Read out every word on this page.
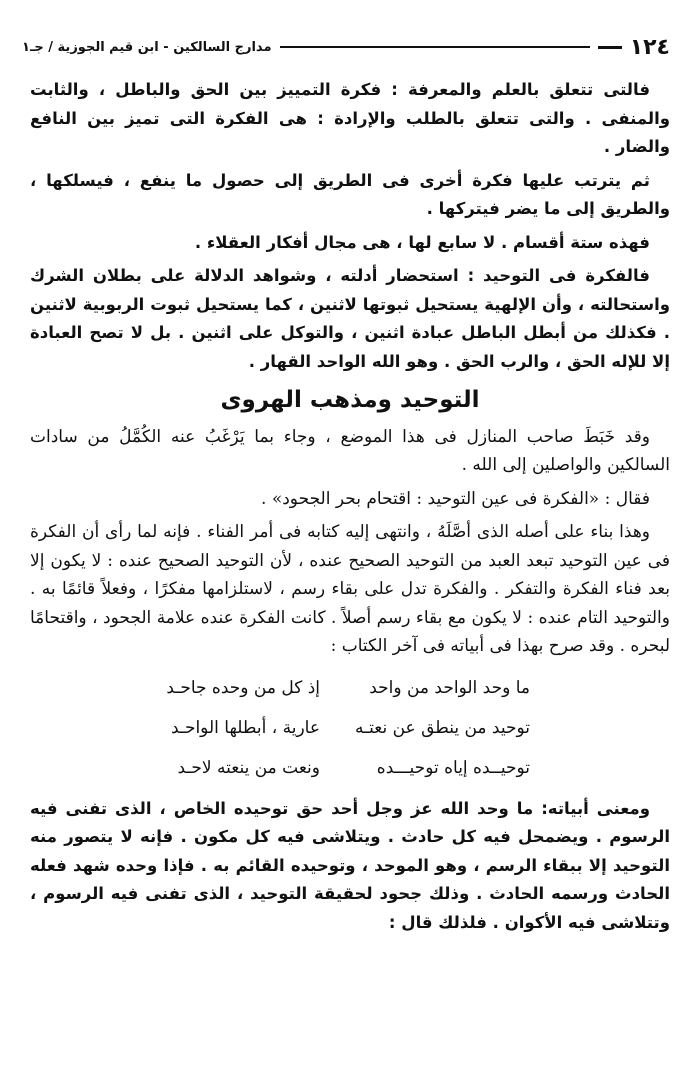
١٢٤
مدارج السالكين - ابن قيم الجوزية / جـ١

فالتى تتعلق بالعلم والمعرفة : فكرة التمييز بين الحق والباطل ، والثابت والمنفى . والتى تتعلق بالطلب والإرادة : هى الفكرة التى تميز بين النافع والضار .

ثم يترتب عليها فكرة أخرى فى الطريق إلى حصول ما ينفع ، فيسلكها ، والطريق إلى ما يضر فيتركها .

فهذه ستة أقسام . لا سابع لها ، هى مجال أفكار العقلاء .

فالفكرة فى التوحيد : استحضار أدلته ، وشواهد الدلالة على بطلان الشرك واستحالته ، وأن الإلهية يستحيل ثبوتها لاثنين ، كما يستحيل ثبوت الربوبية لاثنين . فكذلك من أبطل الباطل عبادة اثنين ، والتوكل على اثنين . بل لا تصح العبادة إلا للإله الحق ، والرب الحق . وهو الله الواحد القهار .

التوحيد ومذهب الهروى

وقد خَبَطَ صاحب المنازل فى هذا الموضع ، وجاء بما يَرْغَبُ عنه الكُمَّلُ من سادات السالكين والواصلين إلى الله .

فقال : «الفكرة فى عين التوحيد : اقتحام بحر الجحود» .

وهذا بناء على أصله الذى أصَّلَهُ ، وانتهى إليه كتابه فى أمر الفناء . فإنه لما رأى أن الفكرة فى عين التوحيد تبعد العبد من التوحيد الصحيح عنده ، لأن التوحيد الصحيح عنده : لا يكون إلا بعد فناء الفكرة والتفكر . والفكرة تدل على بقاء رسم ، لاستلزامها مفكرًا ، وفعلاً قائمًا به . والتوحيد التام عنده : لا يكون مع بقاء رسم أصلاً . كانت الفكرة عنده علامة الجحود ، واقتحامًا لبحره . وقد صرح بهذا فى أبياته فى آخر الكتاب :

ما وحد الواحد من واحد
إذ كل من وحده جاحـد
توحيد من ينطق عن نعتـه
عارية ، أبطلها الواحـد
توحيــده إياه توحيـــده
ونعت من ينعته لاحـد

ومعنى أبياته: ما وحد الله عز وجل أحد حق توحيده الخاص ، الذى تفنى فيه الرسوم . ويضمحل فيه كل حادث . ويتلاشى فيه كل مكون . فإنه لا يتصور منه التوحيد إلا ببقاء الرسم ، وهو الموحد ، وتوحيده القائم به . فإذا وحده شهد فعله الحادث ورسمه الحادث . وذلك جحود لحقيقة التوحيد ، الذى تفنى فيه الرسوم ، وتتلاشى فيه الأكوان . فلذلك قال :
